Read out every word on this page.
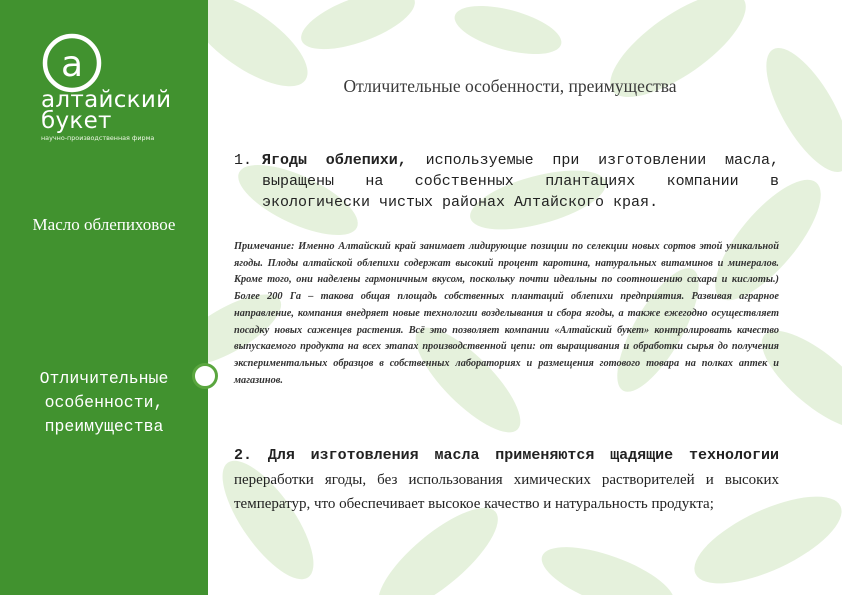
a
алтайский
букет
научно-производственная фирма
Масло облепиховое
Отличительные особенности, преимущества
Отличительные особенности, преимущества
1. Ягоды облепихи, используемые при изготовлении масла, выращены на собственных плантациях компании в экологически чистых районах Алтайского края.
Примечание: Именно Алтайский край занимает лидирующие позиции по селекции новых сортов этой уникальной ягоды. Плоды алтайской облепихи содержат высокий процент каротина, натуральных витаминов и минералов. Кроме того, они наделены гармоничным вкусом, поскольку почти идеальны по соотношению сахара и кислоты.) Более 200 Га – такова общая площадь собственных плантаций облепихи предприятия. Развивая аграрное направление, компания внедряет новые технологии возделывания и сбора ягоды, а также ежегодно осуществляет посадку новых саженцев растения. Всё это позволяет компании «Алтайский букет» контролировать качество выпускаемого продукта на всех этапах производственной цепи: от выращивания и обработки сырья до получения экспериментальных образцов в собственных лабораториях и размещения готового товара на полках аптек и магазинов.
2. Для изготовления масла применяются щадящие технологии переработки ягоды, без использования химических растворителей и высоких температур, что обеспечивает высокое качество и натуральность продукта;
